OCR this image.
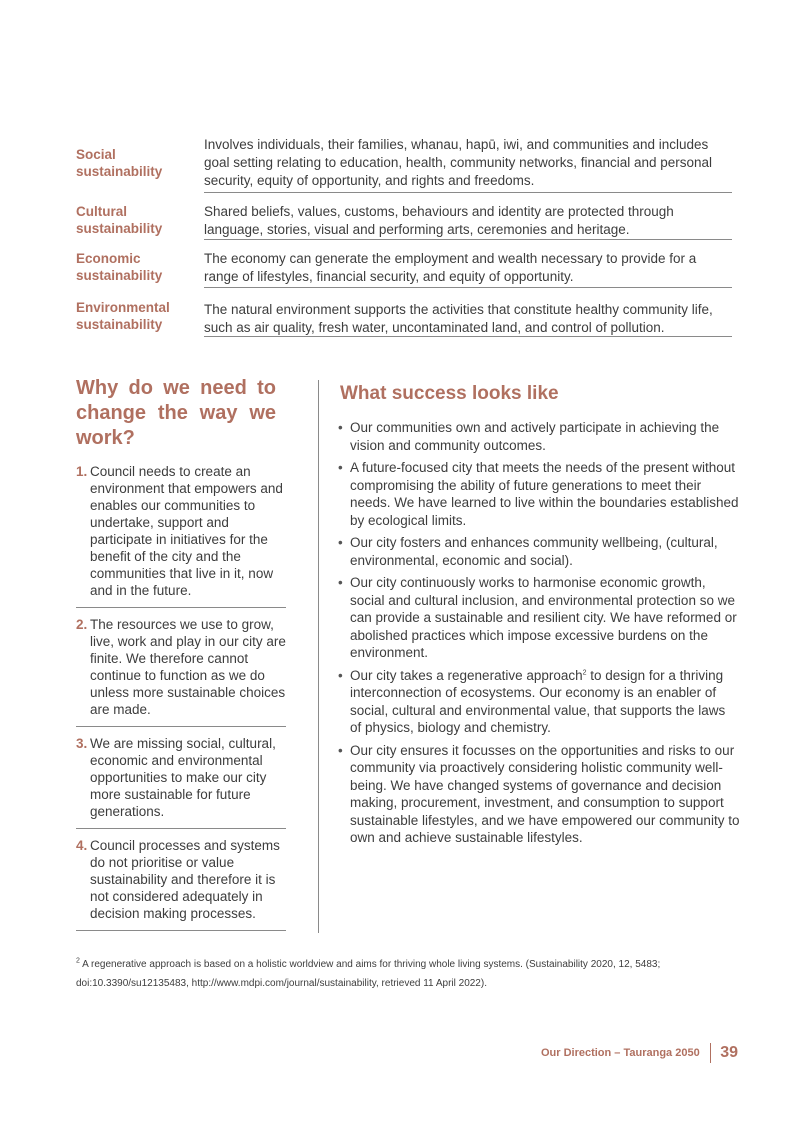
Social sustainability
Involves individuals, their families, whanau, hapū, iwi, and communities and includes goal setting relating to education, health, community networks, financial and personal security, equity of opportunity, and rights and freedoms.
Cultural sustainability
Shared beliefs, values, customs, behaviours and identity are protected through language, stories, visual and performing arts, ceremonies and heritage.
Economic sustainability
The economy can generate the employment and wealth necessary to provide for a range of lifestyles, financial security, and equity of opportunity.
Environmental sustainability
The natural environment supports the activities that constitute healthy community life, such as air quality, fresh water, uncontaminated land, and control of pollution.
Why do we need to change the way we work?
1. Council needs to create an environment that empowers and enables our communities to undertake, support and participate in initiatives for the benefit of the city and the communities that live in it, now and in the future.
2. The resources we use to grow, live, work and play in our city are finite. We therefore cannot continue to function as we do unless more sustainable choices are made.
3. We are missing social, cultural, economic and environmental opportunities to make our city more sustainable for future generations.
4. Council processes and systems do not prioritise or value sustainability and therefore it is not considered adequately in decision making processes.
What success looks like
• Our communities own and actively participate in achieving the vision and community outcomes.
• A future-focused city that meets the needs of the present without compromising the ability of future generations to meet their needs. We have learned to live within the boundaries established by ecological limits.
• Our city fosters and enhances community wellbeing, (cultural, environmental, economic and social).
• Our city continuously works to harmonise economic growth, social and cultural inclusion, and environmental protection so we can provide a sustainable and resilient city. We have reformed or abolished practices which impose excessive burdens on the environment.
• Our city takes a regenerative approach$^2$ to design for a thriving interconnection of ecosystems. Our economy is an enabler of social, cultural and environmental value, that supports the laws of physics, biology and chemistry.
• Our city ensures it focusses on the opportunities and risks to our community via proactively considering holistic community well-being. We have changed systems of governance and decision making, procurement, investment, and consumption to support sustainable lifestyles, and we have empowered our community to own and achieve sustainable lifestyles.
$^2$ A regenerative approach is based on a holistic worldview and aims for thriving whole living systems. (Sustainability 2020, 12, 5483; doi:10.3390/su12135483, http://www.mdpi.com/journal/sustainability, retrieved 11 April 2022).
Our Direction – Tauranga 2050 39
